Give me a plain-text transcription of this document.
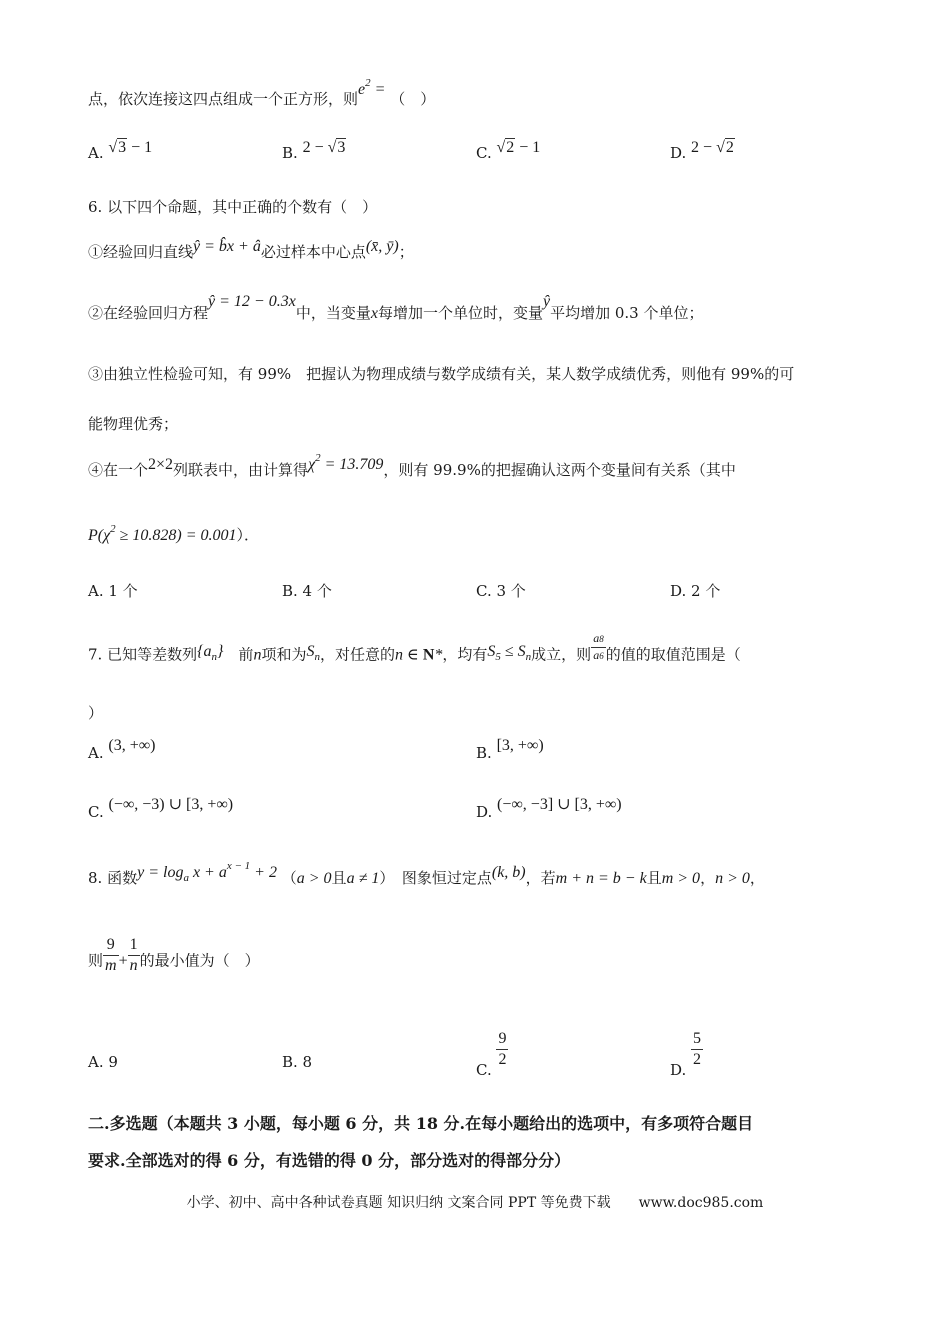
点，依次连接这四点组成一个正方形，则$e^2$ = （　）
A. √3 − 1	B. 2 − √3	C. √2 − 1	D. 2 − √2
6. 以下四个命题，其中正确的个数有（　）
①经验回归直线ŷ = b̂x + â必过样本中心点(x̄, ȳ)；
②在经验回归方程ŷ = 12 − 0.3x中，当变量x每增加一个单位时，变量ŷ平均增加 0.3 个单位；
③由独立性检验可知，有 99%　把握认为物理成绩与数学成绩有关，某人数学成绩优秀，则他有 99%的可
能物理优秀；
④在一个2×2列联表中，由计算得$\chi^2 = 13.709$，则有 99.9%的把握确认这两个变量间有关系（其中
$P(\chi^2 \ge 10.828) = 0.001$）．
A. 1 个	B. 4 个	C. 3 个	D. 2 个
7. 已知等差数列$\{a_n\}$　 前n项和为$S_n$，对任意的n ∈ N*，均有$S_5 \le S_n$成立，则 $\frac{a8}{a6}$ 的值的取值范围是（
）
A. (3, +∞)	B. [3, +∞)
C. (−∞, −3) ∪ [3, +∞)	D. (−∞, −3] ∪ [3, +∞)
8. 函数$y = \log_a x + a^{x - 1} + 2$ （a > 0且a ≠ 1）　图象恒过定点(k, b)，若m + n = b − k且m > 0，n > 0，
则 $\frac{9}{m} + \frac{1}{n}$ 的最小值为（　）
A. 9	B. 8	C.
$\frac{9}{2}$
D.
$\frac{5}{2}$
二.多选题（本题共 3 小题，每小题 6 分，共 18 分.在每小题给出的选项中，有多项符合题目
要求.全部选对的得 6 分，有选错的得 0 分，部分选对的得部分分）
小学、初中、高中各种试卷真题 知识归纳 文案合同 PPT 等免费下载　　www.doc985.com
